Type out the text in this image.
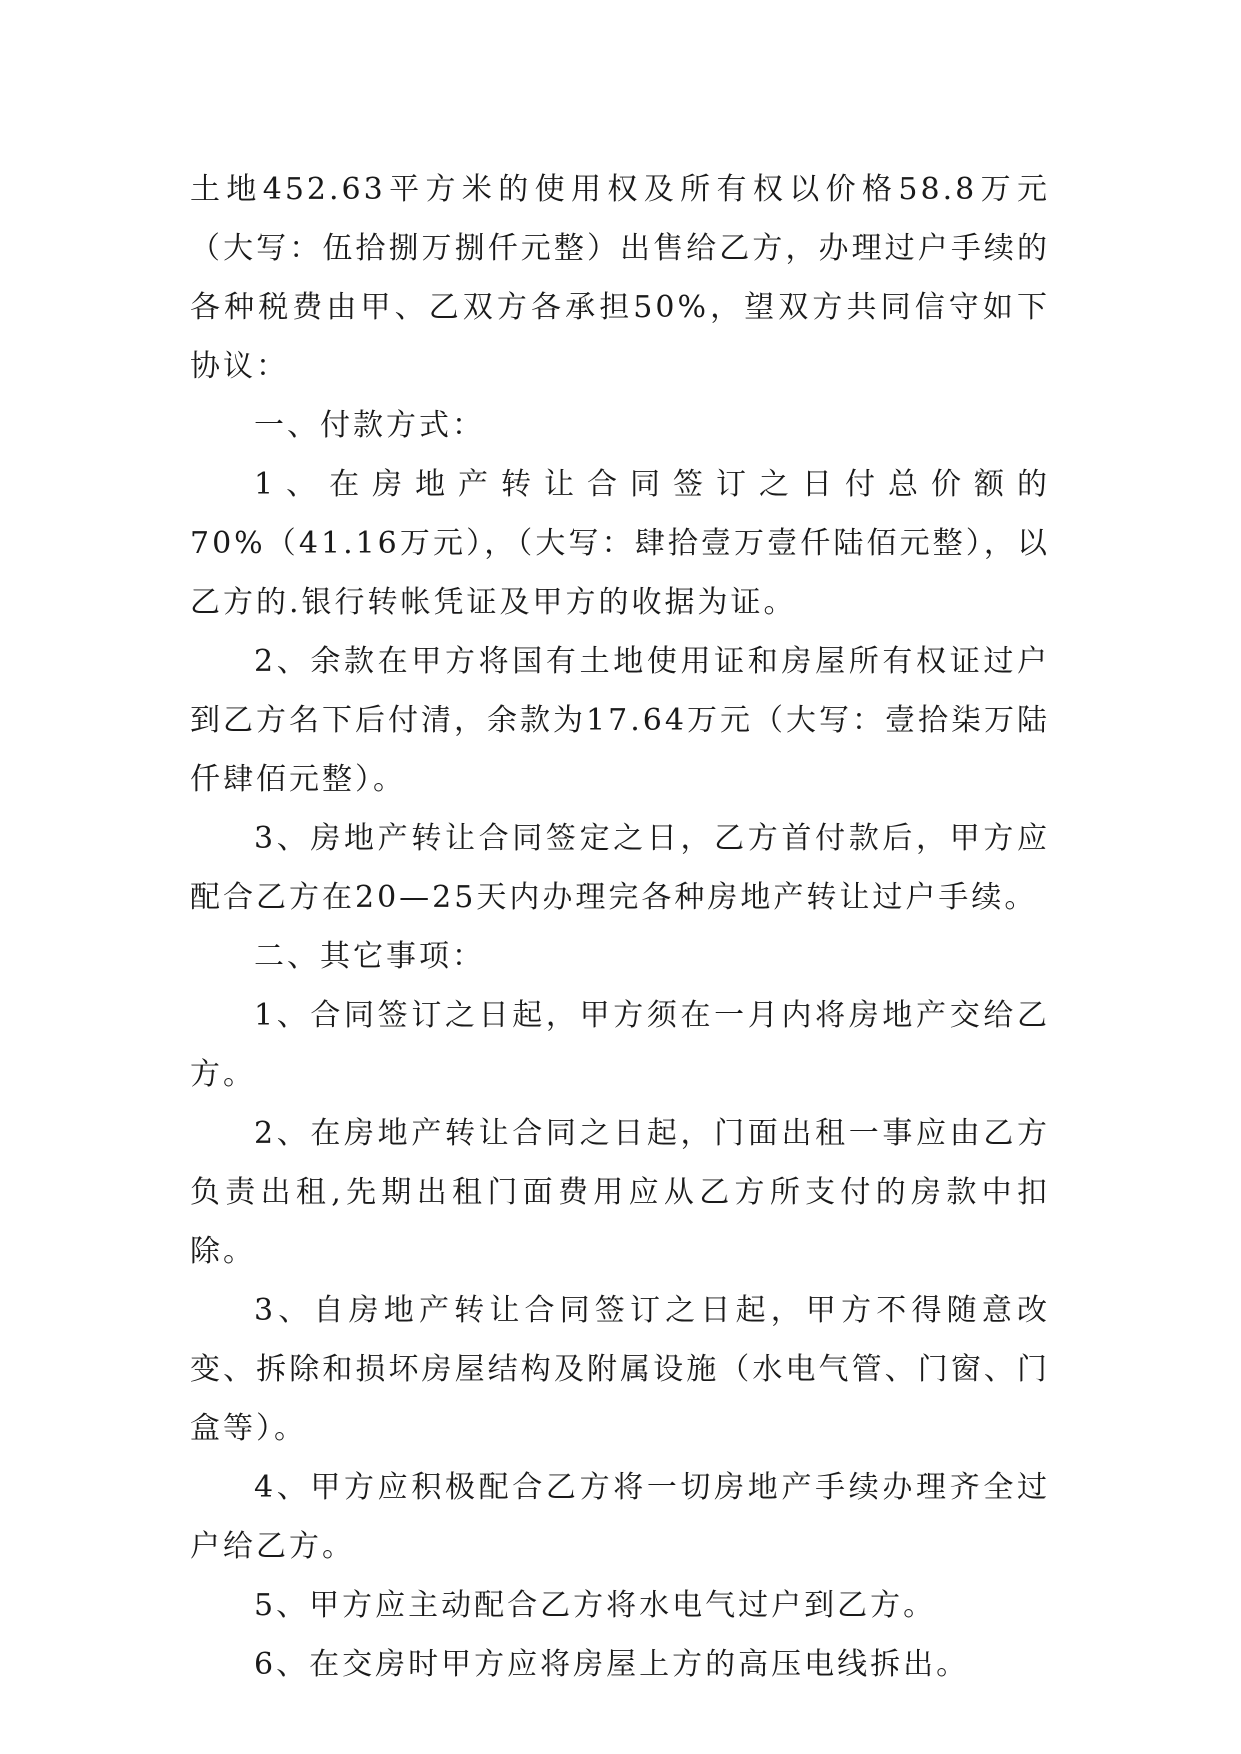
土地452.63平方米的使用权及所有权以价格58.8万元（大写：伍拾捌万捌仟元整）出售给乙方，办理过户手续的各种税费由甲、乙双方各承担50%，望双方共同信守如下协议：

一、付款方式：

1、在房地产转让合同签订之日付总价额的70%（41.16万元），（大写：肆拾壹万壹仟陆佰元整），以乙方的.银行转帐凭证及甲方的收据为证。

2、余款在甲方将国有土地使用证和房屋所有权证过户到乙方名下后付清，余款为17.64万元（大写：壹拾柒万陆仟肆佰元整）。

3、房地产转让合同签定之日，乙方首付款后，甲方应配合乙方在20—25天内办理完各种房地产转让过户手续。

二、其它事项：

1、合同签订之日起，甲方须在一月内将房地产交给乙方。

2、在房地产转让合同之日起，门面出租一事应由乙方负责出租,先期出租门面费用应从乙方所支付的房款中扣除。

3、自房地产转让合同签订之日起，甲方不得随意改变、拆除和损坏房屋结构及附属设施（水电气管、门窗、门盒等）。

4、甲方应积极配合乙方将一切房地产手续办理齐全过户给乙方。

5、甲方应主动配合乙方将水电气过户到乙方。

6、在交房时甲方应将房屋上方的高压电线拆出。
